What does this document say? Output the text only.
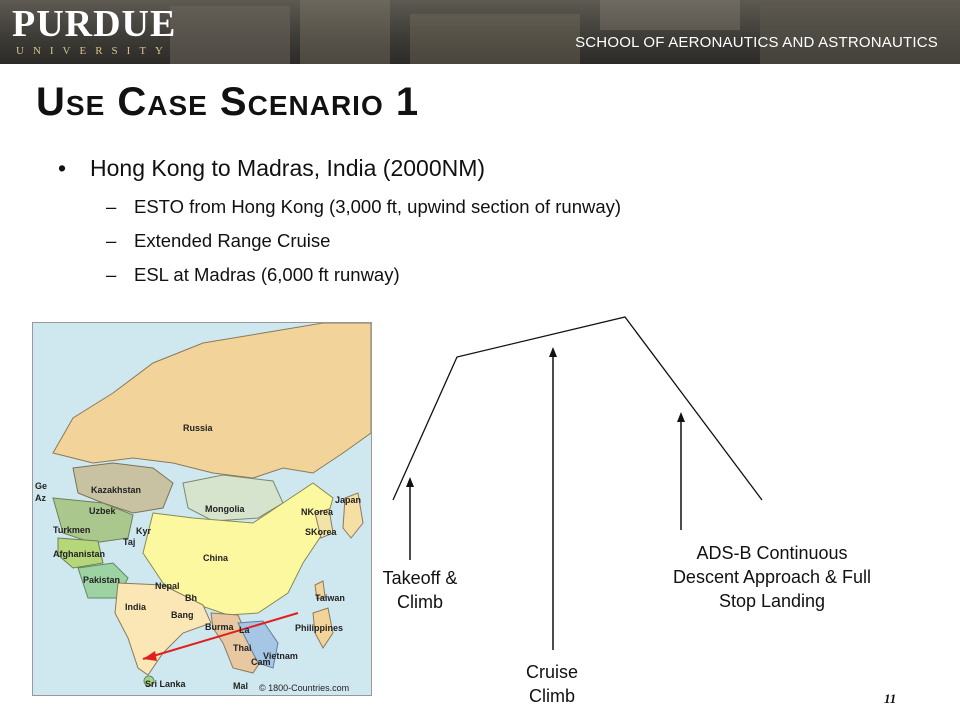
PURDUE
UNIVERSITY	SCHOOL OF AERONAUTICS AND ASTRONAUTICS
Use Case Scenario 1
• Hong Kong to Madras, India (2000NM)
– ESTO from Hong Kong (3,000 ft, upwind section of runway)
– Extended Range Cruise
– ESL at Madras (6,000 ft runway)
Russia
Kazakhstan
Uzbek
Turkmen	Kyr
Taj
Afghanistan
Pakistan
Mongolia
China
NKorea
SKorea
Japan
Nepal
Bh
Bang
India
Burma La
Thai
Cam
Vietnam
Taiwan
Philippines
Sri Lanka	Mal
Ge
Az
© 1800-Countries.com
Takeoff &
Climb
Cruise
Climb
ADS-B Continuous
Descent Approach & Full
Stop Landing
11
